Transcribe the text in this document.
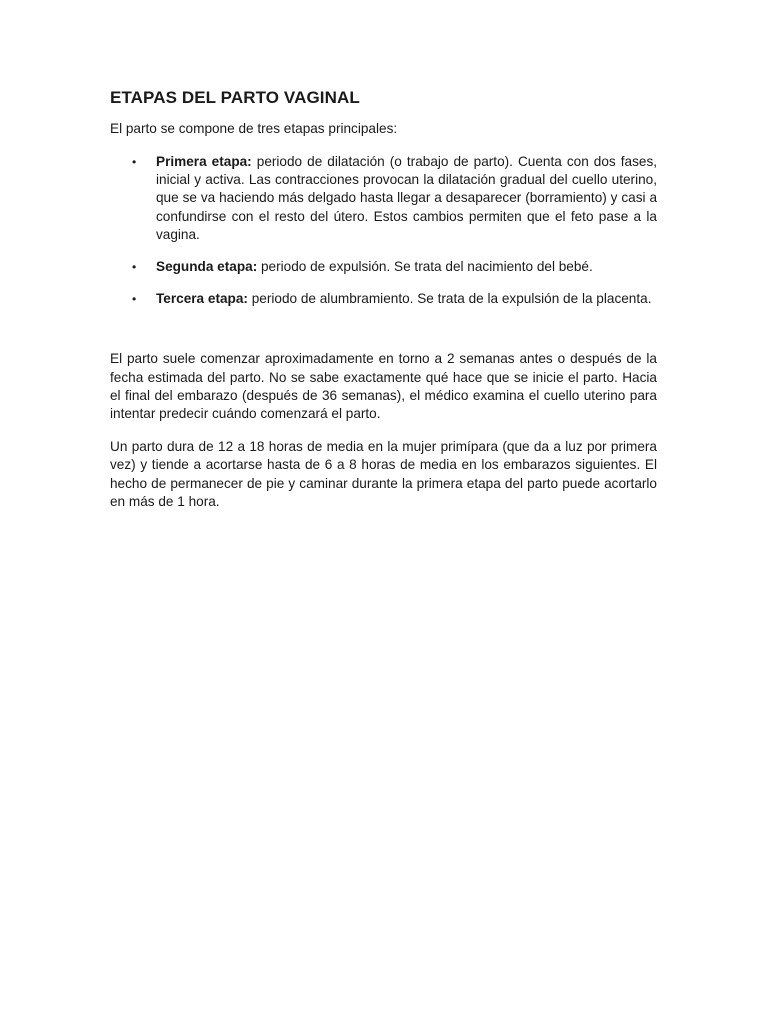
ETAPAS DEL PARTO VAGINAL

El parto se compone de tres etapas principales:

•	Primera etapa: periodo de dilatación (o trabajo de parto). Cuenta con dos fases, inicial y activa. Las contracciones provocan la dilatación gradual del cuello uterino, que se va haciendo más delgado hasta llegar a desaparecer (borramiento) y casi a confundirse con el resto del útero. Estos cambios permiten que el feto pase a la vagina.
•	Segunda etapa: periodo de expulsión. Se trata del nacimiento del bebé.
•	Tercera etapa: periodo de alumbramiento. Se trata de la expulsión de la placenta.

El parto suele comenzar aproximadamente en torno a 2 semanas antes o después de la fecha estimada del parto. No se sabe exactamente qué hace que se inicie el parto. Hacia el final del embarazo (después de 36 semanas), el médico examina el cuello uterino para intentar predecir cuándo comenzará el parto.

Un parto dura de 12 a 18 horas de media en la mujer primípara (que da a luz por primera vez) y tiende a acortarse hasta de 6 a 8 horas de media en los embarazos siguientes. El hecho de permanecer de pie y caminar durante la primera etapa del parto puede acortarlo en más de 1 hora.
